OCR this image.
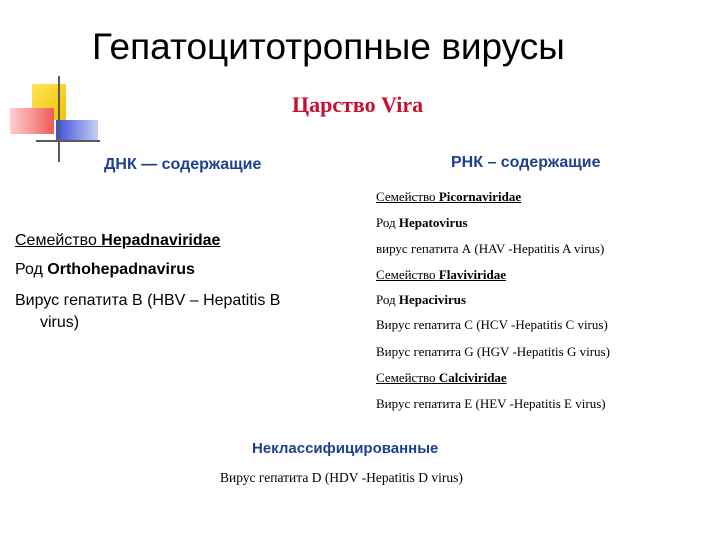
Гепатоцитотропные вирусы
Царство Vira
ДНК — содержащие
Семейство Hepadnaviridae
Род Orthohepadnavirus
Вирус гепатита В (HBV – Hepatitis B
virus)
РНК – содержащие
Семейство Picornaviridae
Род Hepatovirus
вирус гепатита А (HAV -Hepatitis A virus)
Семейство Flaviviridae
Род Hepacivirus
Вирус гепатита С (HCV -Hepatitis C virus)
Вирус гепатита G (HGV -Hepatitis G virus)
Семейство Calciviridae
Вирус гепатита Е (HEV -Hepatitis E virus)
Неклассифицированные
Вирус гепатита D (HDV -Hepatitis D virus)
